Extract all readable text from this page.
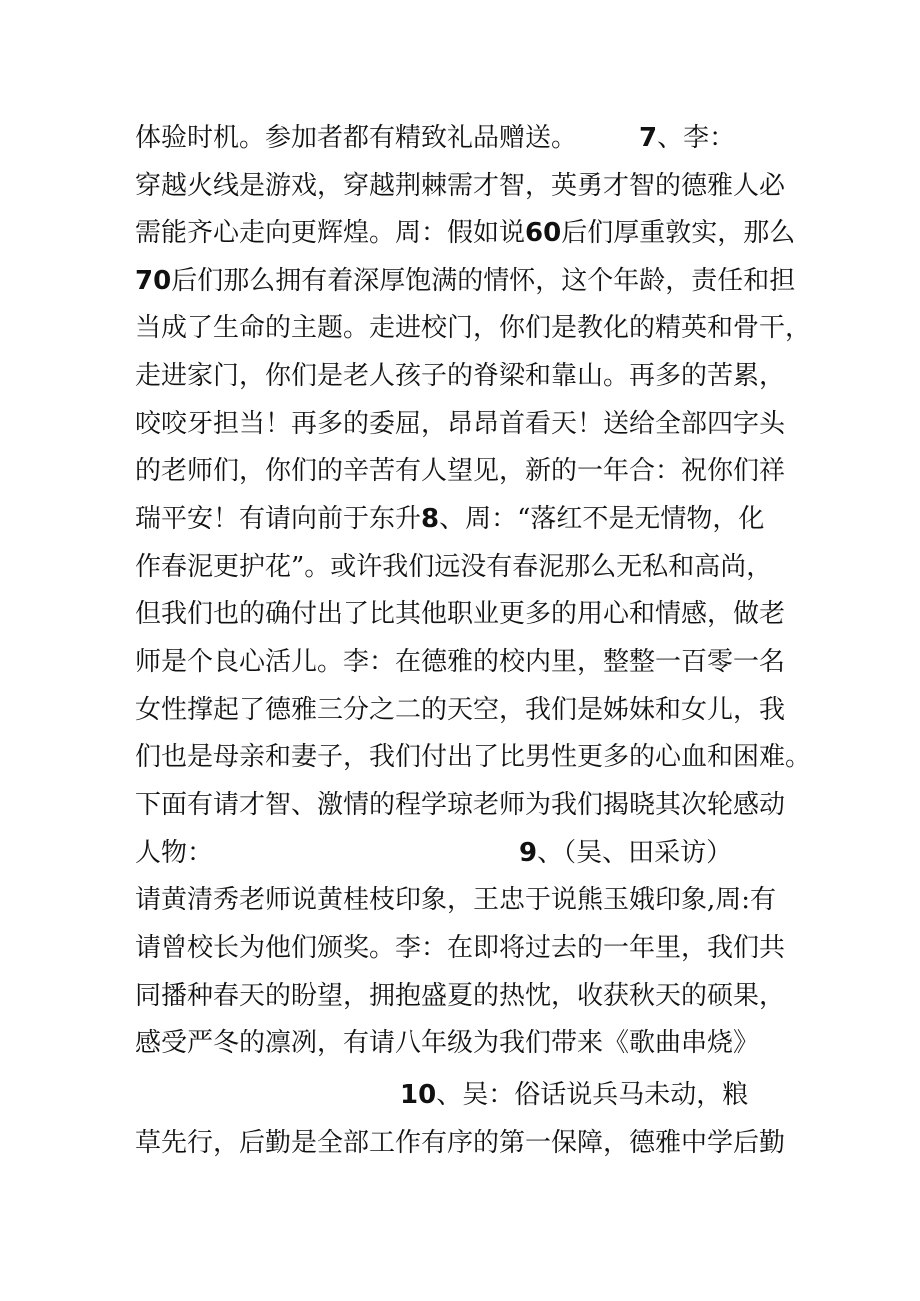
体验时机。参加者都有精致礼品赠送。 7、李：
穿越火线是游戏，穿越荆棘需才智，英勇才智的德雅人必
需能齐心走向更辉煌。周：假如说60后们厚重敦实，那么
70后们那么拥有着深厚饱满的情怀，这个年龄，责任和担
当成了生命的主题。走进校门，你们是教化的精英和骨干，
走进家门，你们是老人孩子的脊梁和靠山。再多的苦累，
咬咬牙担当！再多的委屈，昂昂首看天！送给全部四字头
的老师们，你们的辛苦有人望见，新的一年合：祝你们祥
瑞平安！有请向前于东升8、周：“落红不是无情物，化
作春泥更护花”。或许我们远没有春泥那么无私和高尚，
但我们也的确付出了比其他职业更多的用心和情感，做老
师是个良心活儿。李：在德雅的校内里，整整一百零一名
女性撑起了德雅三分之二的天空，我们是姊妹和女儿，我
们也是母亲和妻子，我们付出了比男性更多的心血和困难。
下面有请才智、激情的程学琼老师为我们揭晓其次轮感动
人物：	9、（吴、田采访）
请黄清秀老师说黄桂枝印象，王忠于说熊玉娥印象,周:有
请曾校长为他们颁奖。李：在即将过去的一年里，我们共
同播种春天的盼望，拥抱盛夏的热忱，收获秋天的硕果，
感受严冬的凛冽，有请八年级为我们带来《歌曲串烧》
10、吴：俗话说兵马未动，粮
草先行，后勤是全部工作有序的第一保障，德雅中学后勤
